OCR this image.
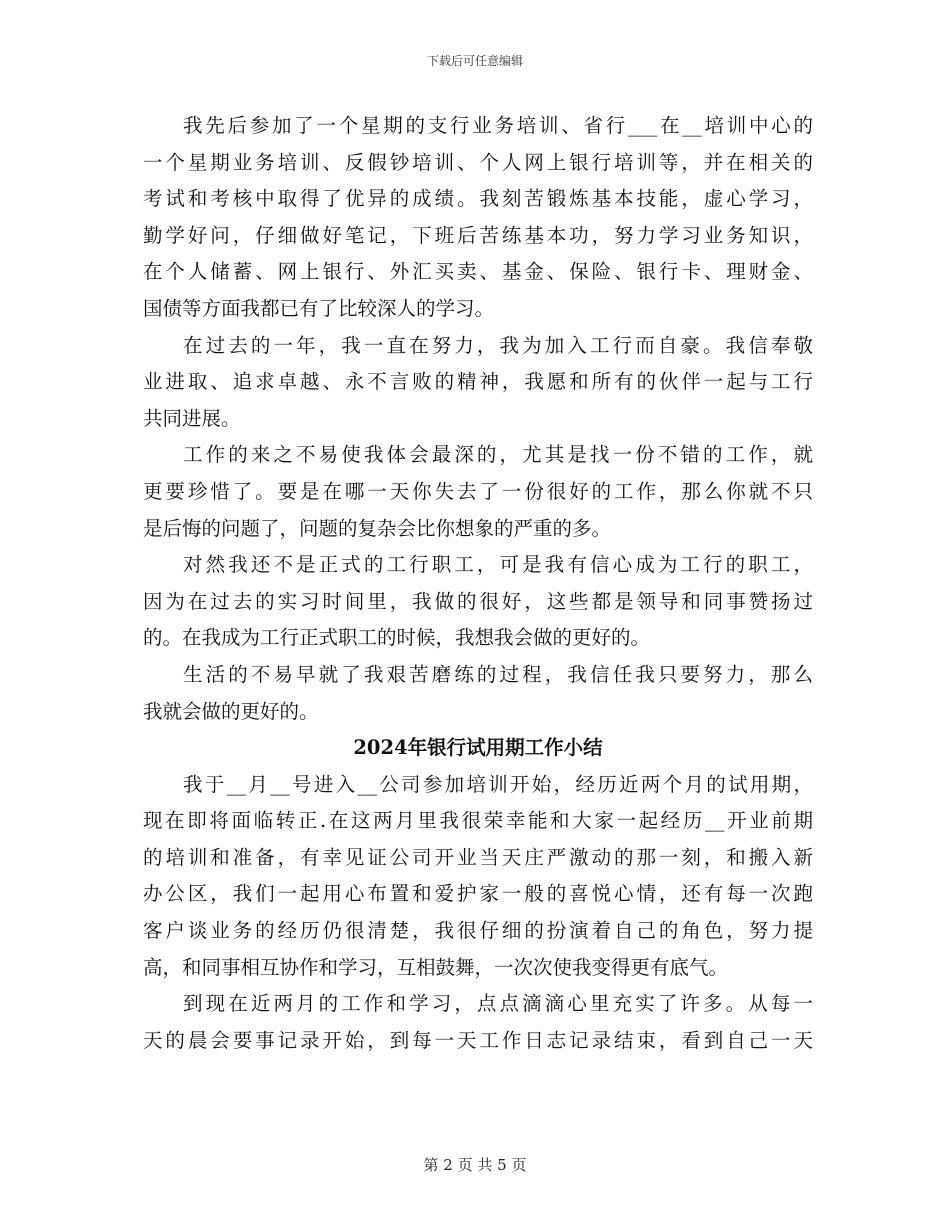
下载后可任意编辑
我先后参加了一个星期的支行业务培训、省行___在__培训中心的
一个星期业务培训、反假钞培训、个人网上银行培训等，并在相关的
考试和考核中取得了优异的成绩。我刻苦锻炼基本技能，虚心学习，
勤学好问，仔细做好笔记，下班后苦练基本功，努力学习业务知识，
在个人储蓄、网上银行、外汇买卖、基金、保险、银行卡、理财金、
国债等方面我都已有了比较深人的学习。
在过去的一年，我一直在努力，我为加入工行而自豪。我信奉敬
业进取、追求卓越、永不言败的精神，我愿和所有的伙伴一起与工行
共同进展。
工作的来之不易使我体会最深的，尤其是找一份不错的工作，就
更要珍惜了。要是在哪一天你失去了一份很好的工作，那么你就不只
是后悔的问题了，问题的复杂会比你想象的严重的多。
对然我还不是正式的工行职工，可是我有信心成为工行的职工，
因为在过去的实习时间里，我做的很好，这些都是领导和同事赞扬过
的。在我成为工行正式职工的时候，我想我会做的更好的。
生活的不易早就了我艰苦磨练的过程，我信任我只要努力，那么
我就会做的更好的。
2024年银行试用期工作小结
我于__月__号进入__公司参加培训开始，经历近两个月的试用期，
现在即将面临转正.在这两月里我很荣幸能和大家一起经历__开业前期
的培训和准备，有幸见证公司开业当天庄严激动的那一刻，和搬入新
办公区，我们一起用心布置和爱护家一般的喜悦心情，还有每一次跑
客户谈业务的经历仍很清楚，我很仔细的扮演着自己的角色，努力提
高，和同事相互协作和学习，互相鼓舞，一次次使我变得更有底气。
到现在近两月的工作和学习，点点滴滴心里充实了许多。从每一
天的晨会要事记录开始，到每一天工作日志记录结束，看到自己一天
第 2 页 共 5 页
